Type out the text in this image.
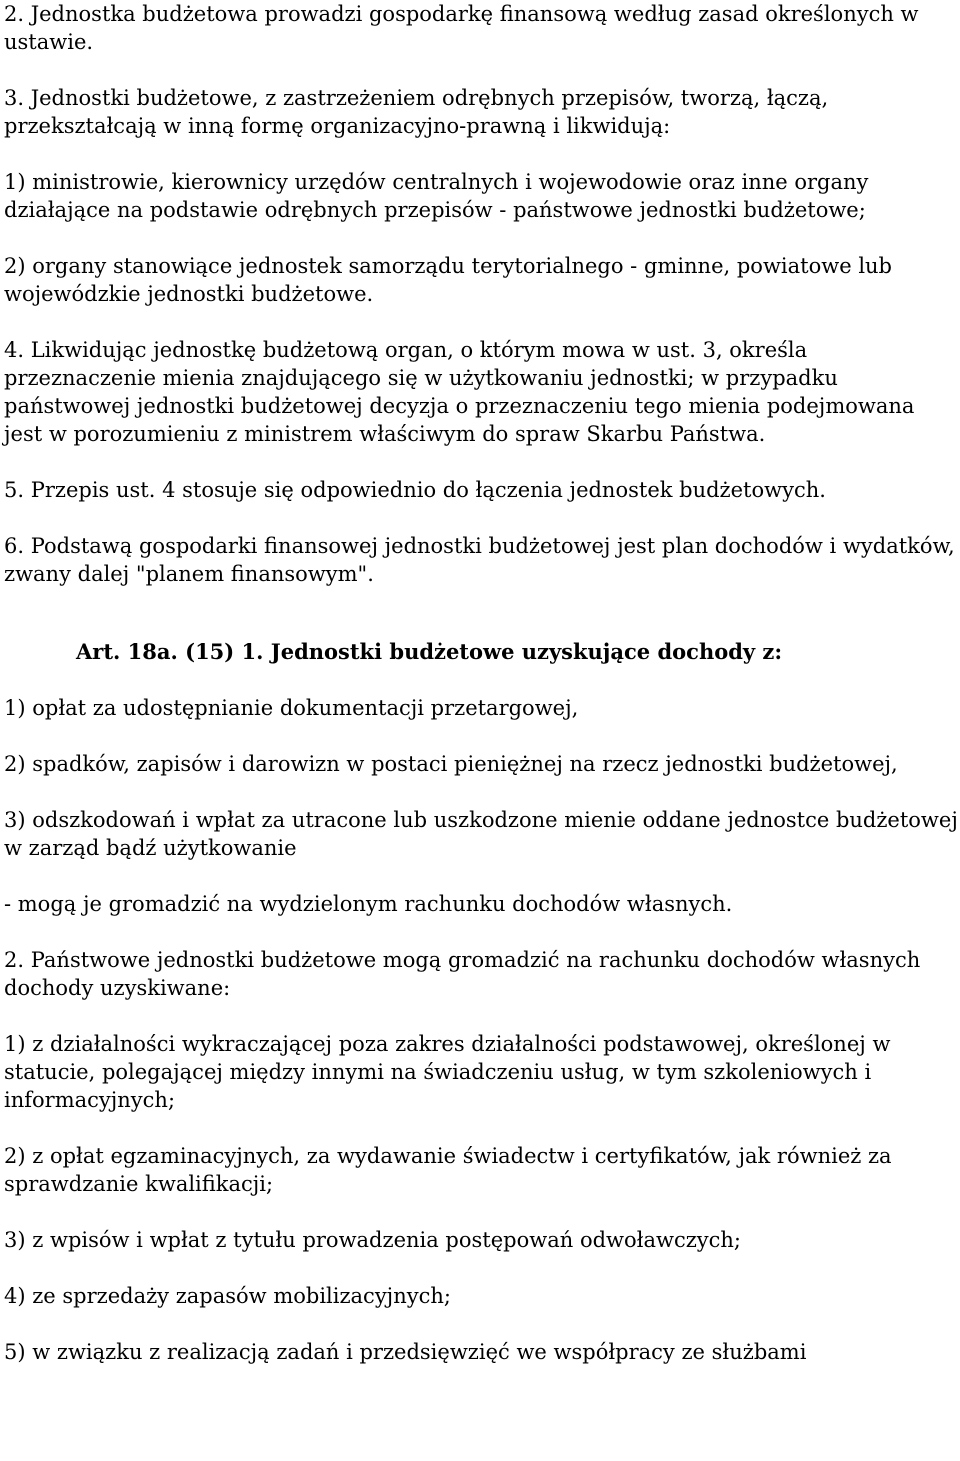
2. Jednostka budżetowa prowadzi gospodarkę finansową według zasad określonych w ustawie.

3. Jednostki budżetowe, z zastrzeżeniem odrębnych przepisów, tworzą, łączą, przekształcają w inną formę organizacyjno-prawną i likwidują:

1) ministrowie, kierownicy urzędów centralnych i wojewodowie oraz inne organy działające na podstawie odrębnych przepisów - państwowe jednostki budżetowe;

2) organy stanowiące jednostek samorządu terytorialnego - gminne, powiatowe lub wojewódzkie jednostki budżetowe.

4. Likwidując jednostkę budżetową organ, o którym mowa w ust. 3, określa przeznaczenie mienia znajdującego się w użytkowaniu jednostki; w przypadku państwowej jednostki budżetowej decyzja o przeznaczeniu tego mienia podejmowana jest w porozumieniu z ministrem właściwym do spraw Skarbu Państwa.

5. Przepis ust. 4 stosuje się odpowiednio do łączenia jednostek budżetowych.

6. Podstawą gospodarki finansowej jednostki budżetowej jest plan dochodów i wydatków, zwany dalej "planem finansowym".

Art. 18a. (15) 1. Jednostki budżetowe uzyskujące dochody z:

1) opłat za udostępnianie dokumentacji przetargowej,

2) spadków, zapisów i darowizn w postaci pieniężnej na rzecz jednostki budżetowej,

3) odszkodowań i wpłat za utracone lub uszkodzone mienie oddane jednostce budżetowej w zarząd bądź użytkowanie

- mogą je gromadzić na wydzielonym rachunku dochodów własnych.

2. Państwowe jednostki budżetowe mogą gromadzić na rachunku dochodów własnych dochody uzyskiwane:

1) z działalności wykraczającej poza zakres działalności podstawowej, określonej w statucie, polegającej między innymi na świadczeniu usług, w tym szkoleniowych i informacyjnych;

2) z opłat egzaminacyjnych, za wydawanie świadectw i certyfikatów, jak również za sprawdzanie kwalifikacji;

3) z wpisów i wpłat z tytułu prowadzenia postępowań odwoławczych;

4) ze sprzedaży zapasów mobilizacyjnych;

5) w związku z realizacją zadań i przedsięwzięć we współpracy ze służbami
